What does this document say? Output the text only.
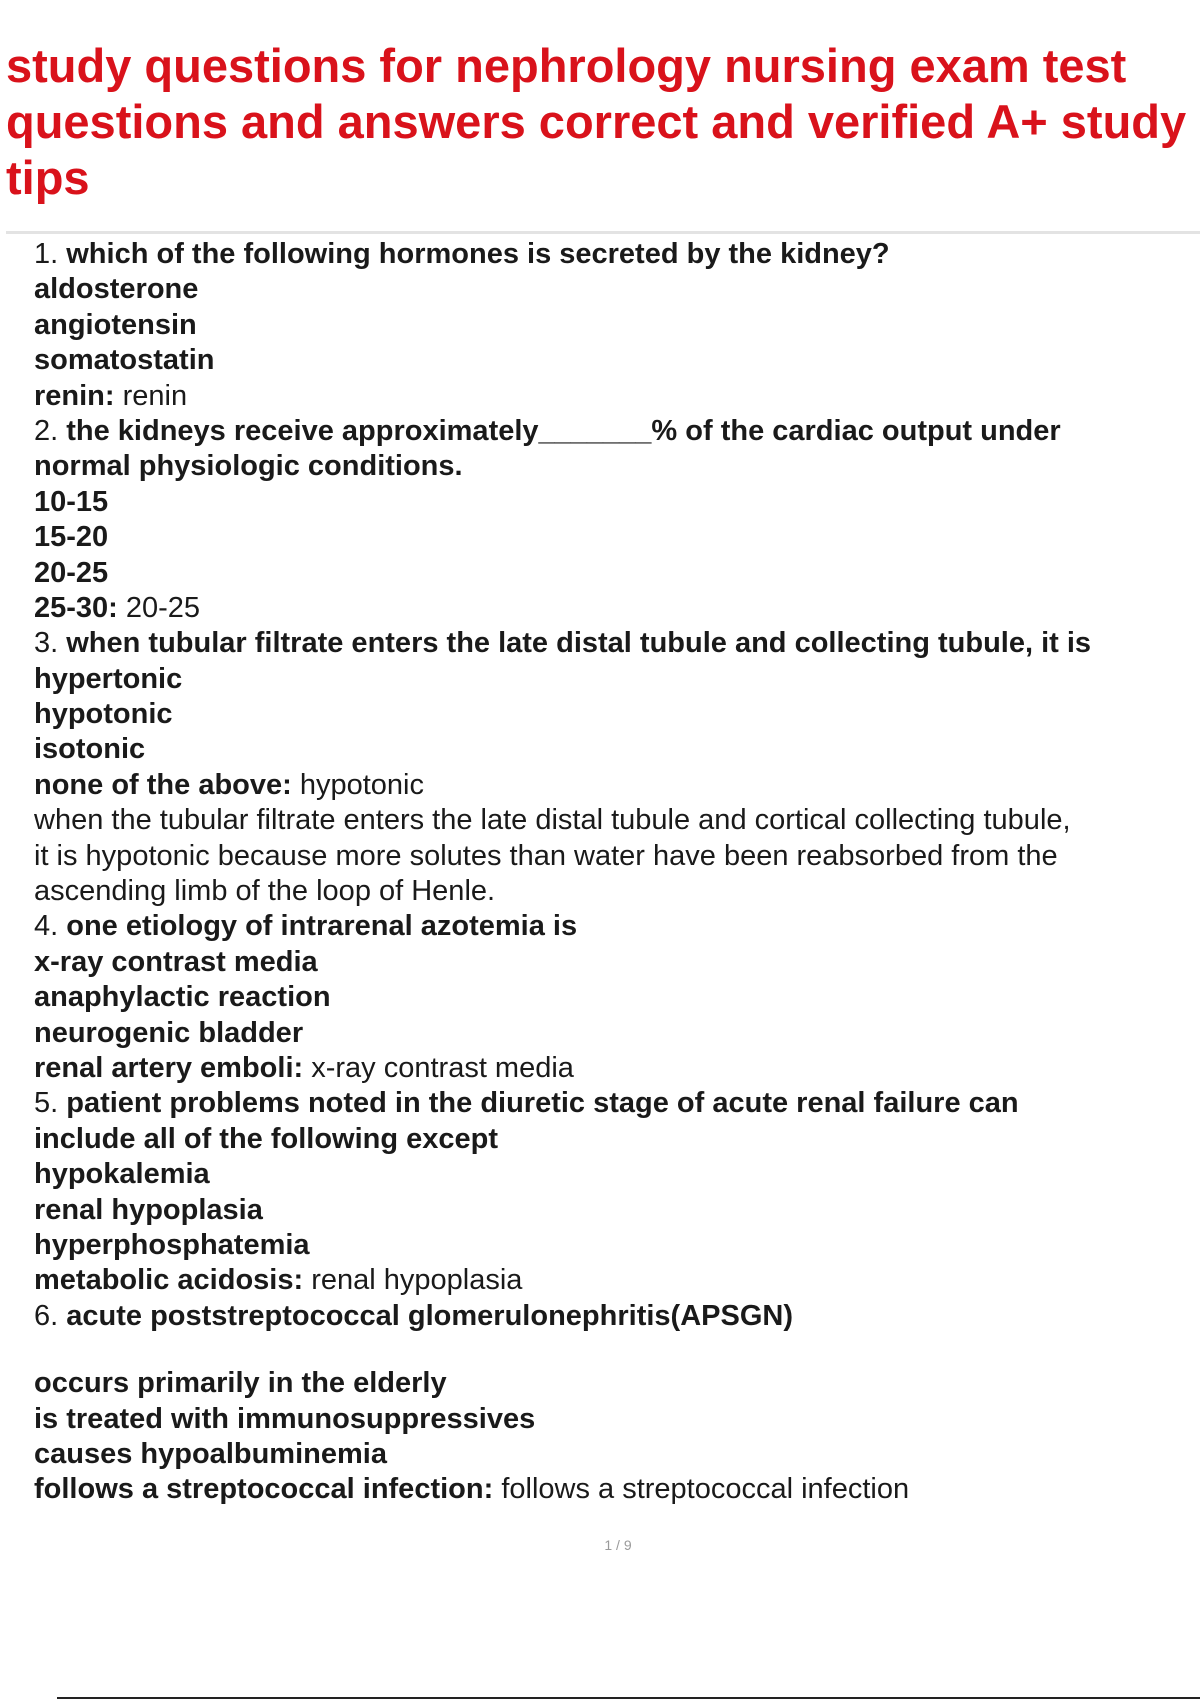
study questions for nephrology nursing exam test
questions and answers correct and verified A+ study
tips
1. which of the following hormones is secreted by the kidney?
aldosterone
angiotensin
somatostatin
renin: renin
2. the kidneys receive approximately_______% of the cardiac output under
normal physiologic conditions.
10-15
15-20
20-25
25-30: 20-25
3. when tubular filtrate enters the late distal tubule and collecting tubule, it is
hypertonic
hypotonic
isotonic
none of the above: hypotonic
when the tubular filtrate enters the late distal tubule and cortical collecting tubule,
it is hypotonic because more solutes than water have been reabsorbed from the
ascending limb of the loop of Henle.
4. one etiology of intrarenal azotemia is
x-ray contrast media
anaphylactic reaction
neurogenic bladder
renal artery emboli: x-ray contrast media
5. patient problems noted in the diuretic stage of acute renal failure can
include all of the following except
hypokalemia
renal hypoplasia
hyperphosphatemia
metabolic acidosis: renal hypoplasia
6. acute poststreptococcal glomerulonephritis(APSGN)
occurs primarily in the elderly
is treated with immunosuppressives
causes hypoalbuminemia
follows a streptococcal infection: follows a streptococcal infection
1 / 9
